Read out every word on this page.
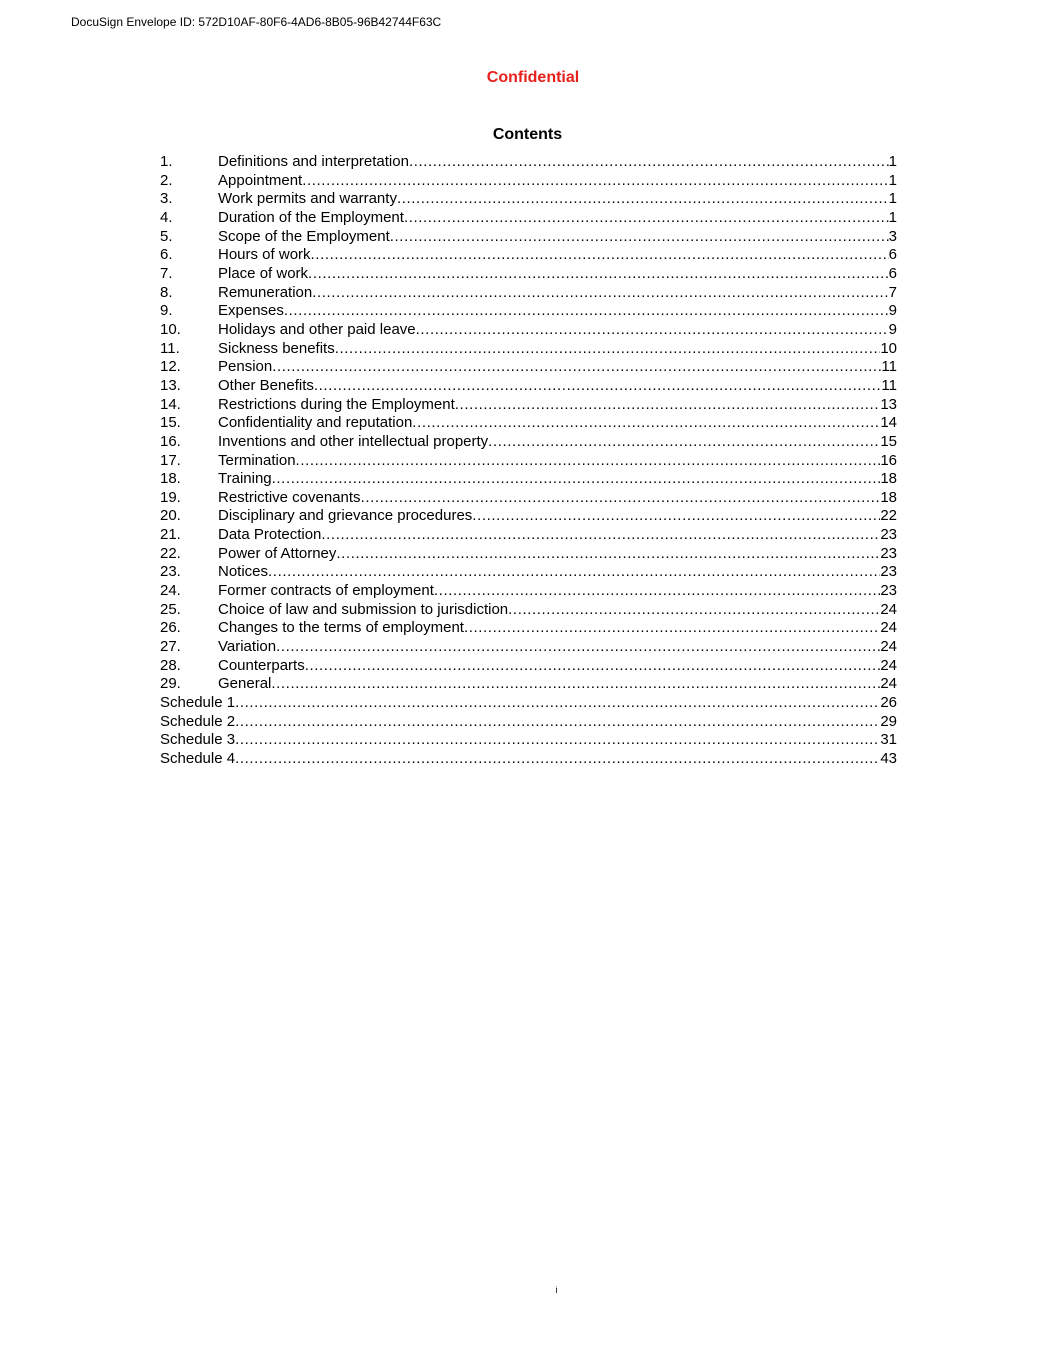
DocuSign Envelope ID: 572D10AF-80F6-4AD6-8B05-96B42744F63C
Confidential
Contents
1.	Definitions and interpretation .....	1
2.	Appointment .....	1
3.	Work permits and warranty .....	1
4.	Duration of the Employment .....	1
5.	Scope of the Employment .....	3
6.	Hours of work .....	6
7.	Place of work .....	6
8.	Remuneration .....	7
9.	Expenses .....	9
10.	Holidays and other paid leave .....	9
11.	Sickness benefits .....	10
12.	Pension .....	11
13.	Other Benefits .....	11
14.	Restrictions during the Employment .....	13
15.	Confidentiality and reputation .....	14
16.	Inventions and other intellectual property .....	15
17.	Termination .....	16
18.	Training .....	18
19.	Restrictive covenants .....	18
20.	Disciplinary and grievance procedures .....	22
21.	Data Protection .....	23
22.	Power of Attorney .....	23
23.	Notices .....	23
24.	Former contracts of employment .....	23
25.	Choice of law and submission to jurisdiction .....	24
26.	Changes to the terms of employment .....	24
27.	Variation .....	24
28.	Counterparts .....	24
29.	General .....	24
Schedule 1 .....	26
Schedule 2 .....	29
Schedule 3 .....	31
Schedule 4 .....	43
i
